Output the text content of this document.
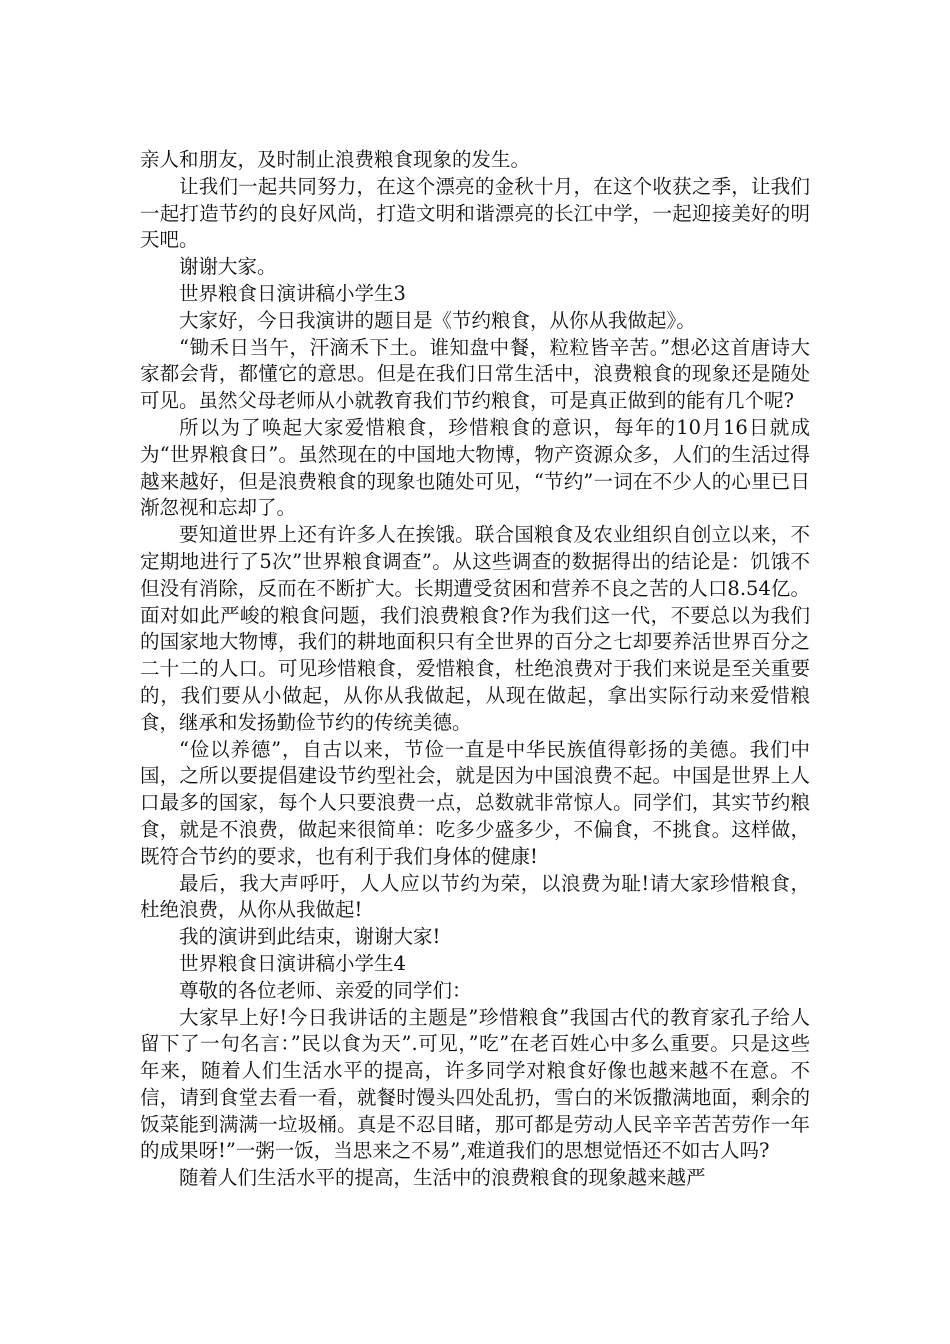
亲人和朋友，及时制止浪费粮食现象的发生。

让我们一起共同努力，在这个漂亮的金秋十月，在这个收获之季，让我们一起打造节约的良好风尚，打造文明和谐漂亮的长江中学，一起迎接美好的明天吧。

谢谢大家。

世界粮食日演讲稿小学生3

大家好，今日我演讲的题目是《节约粮食，从你从我做起》。

“锄禾日当午，汗滴禾下土。谁知盘中餐，粒粒皆辛苦。”想必这首唐诗大家都会背，都懂它的意思。但是在我们日常生活中，浪费粮食的现象还是随处可见。虽然父母老师从小就教育我们节约粮食，可是真正做到的能有几个呢?

所以为了唤起大家爱惜粮食，珍惜粮食的意识，每年的10月16日就成为“世界粮食日”。虽然现在的中国地大物博，物产资源众多，人们的生活过得越来越好，但是浪费粮食的现象也随处可见，“节约”一词在不少人的心里已日渐忽视和忘却了。

要知道世界上还有许多人在挨饿。联合国粮食及农业组织自创立以来，不定期地进行了5次”世界粮食调查”。从这些调查的数据得出的结论是：饥饿不但没有消除，反而在不断扩大。长期遭受贫困和营养不良之苦的人口8.54亿。面对如此严峻的粮食问题，我们浪费粮食?作为我们这一代，不要总以为我们的国家地大物博，我们的耕地面积只有全世界的百分之七却要养活世界百分之二十二的人口。可见珍惜粮食，爱惜粮食，杜绝浪费对于我们来说是至关重要的，我们要从小做起，从你从我做起，从现在做起，拿出实际行动来爱惜粮食，继承和发扬勤俭节约的传统美德。

“俭以养德”，自古以来，节俭一直是中华民族值得彰扬的美德。我们中国，之所以要提倡建设节约型社会，就是因为中国浪费不起。中国是世界上人口最多的国家，每个人只要浪费一点，总数就非常惊人。同学们，其实节约粮食，就是不浪费，做起来很简单：吃多少盛多少，不偏食，不挑食。这样做，既符合节约的要求，也有利于我们身体的健康!

最后，我大声呼吁，人人应以节约为荣，以浪费为耻!请大家珍惜粮食，杜绝浪费，从你从我做起!

我的演讲到此结束，谢谢大家!

世界粮食日演讲稿小学生4

尊敬的各位老师、亲爱的同学们：

大家早上好!今日我讲话的主题是”珍惜粮食”我国古代的教育家孔子给人留下了一句名言：”民以食为天”.可见，”吃”在老百姓心中多么重要。只是这些年来，随着人们生活水平的提高，许多同学对粮食好像也越来越不在意。不信，请到食堂去看一看，就餐时馒头四处乱扔，雪白的米饭撒满地面，剩余的饭菜能到满满一垃圾桶。真是不忍目睹，那可都是劳动人民辛辛苦苦劳作一年的成果呀!”一粥一饭，当思来之不易”,难道我们的思想觉悟还不如古人吗?

随着人们生活水平的提高，生活中的浪费粮食的现象越来越严
